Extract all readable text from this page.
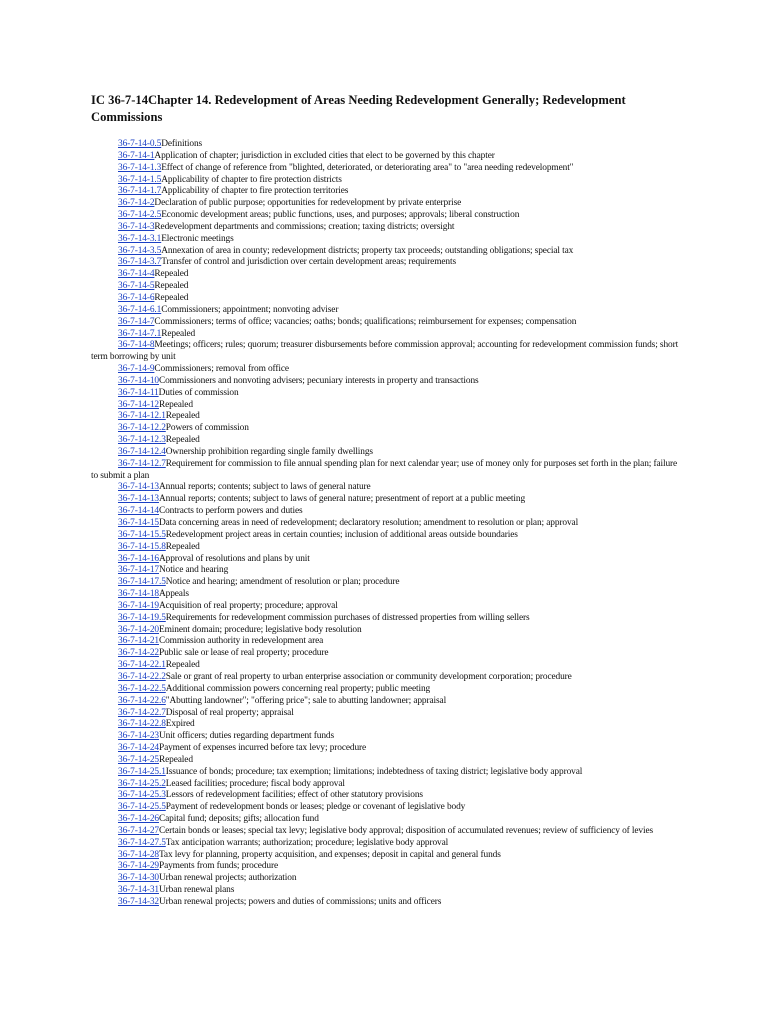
IC 36-7-14Chapter 14. Redevelopment of Areas Needing Redevelopment Generally; Redevelopment Commissions
36-7-14-0.5Definitions
36-7-14-1Application of chapter; jurisdiction in excluded cities that elect to be governed by this chapter
36-7-14-1.3Effect of change of reference from "blighted, deteriorated, or deteriorating area" to "area needing redevelopment"
36-7-14-1.5Applicability of chapter to fire protection districts
36-7-14-1.7Applicability of chapter to fire protection territories
36-7-14-2Declaration of public purpose; opportunities for redevelopment by private enterprise
36-7-14-2.5Economic development areas; public functions, uses, and purposes; approvals; liberal construction
36-7-14-3Redevelopment departments and commissions; creation; taxing districts; oversight
36-7-14-3.1Electronic meetings
36-7-14-3.5Annexation of area in county; redevelopment districts; property tax proceeds; outstanding obligations; special tax
36-7-14-3.7Transfer of control and jurisdiction over certain development areas; requirements
36-7-14-4Repealed
36-7-14-5Repealed
36-7-14-6Repealed
36-7-14-6.1Commissioners; appointment; nonvoting adviser
36-7-14-7Commissioners; terms of office; vacancies; oaths; bonds; qualifications; reimbursement for expenses; compensation
36-7-14-7.1Repealed
36-7-14-8Meetings; officers; rules; quorum; treasurer disbursements before commission approval; accounting for redevelopment commission funds; short term borrowing by unit
36-7-14-9Commissioners; removal from office
36-7-14-10Commissioners and nonvoting advisers; pecuniary interests in property and transactions
36-7-14-11Duties of commission
36-7-14-12Repealed
36-7-14-12.1Repealed
36-7-14-12.2Powers of commission
36-7-14-12.3Repealed
36-7-14-12.4Ownership prohibition regarding single family dwellings
36-7-14-12.7Requirement for commission to file annual spending plan for next calendar year; use of money only for purposes set forth in the plan; failure to submit a plan
36-7-14-13Annual reports; contents; subject to laws of general nature
36-7-14-13Annual reports; contents; subject to laws of general nature; presentment of report at a public meeting
36-7-14-14Contracts to perform powers and duties
36-7-14-15Data concerning areas in need of redevelopment; declaratory resolution; amendment to resolution or plan; approval
36-7-14-15.5Redevelopment project areas in certain counties; inclusion of additional areas outside boundaries
36-7-14-15.8Repealed
36-7-14-16Approval of resolutions and plans by unit
36-7-14-17Notice and hearing
36-7-14-17.5Notice and hearing; amendment of resolution or plan; procedure
36-7-14-18Appeals
36-7-14-19Acquisition of real property; procedure; approval
36-7-14-19.5Requirements for redevelopment commission purchases of distressed properties from willing sellers
36-7-14-20Eminent domain; procedure; legislative body resolution
36-7-14-21Commission authority in redevelopment area
36-7-14-22Public sale or lease of real property; procedure
36-7-14-22.1Repealed
36-7-14-22.2Sale or grant of real property to urban enterprise association or community development corporation; procedure
36-7-14-22.5Additional commission powers concerning real property; public meeting
36-7-14-22.6"Abutting landowner"; "offering price"; sale to abutting landowner; appraisal
36-7-14-22.7Disposal of real property; appraisal
36-7-14-22.8Expired
36-7-14-23Unit officers; duties regarding department funds
36-7-14-24Payment of expenses incurred before tax levy; procedure
36-7-14-25Repealed
36-7-14-25.1Issuance of bonds; procedure; tax exemption; limitations; indebtedness of taxing district; legislative body approval
36-7-14-25.2Leased facilities; procedure; fiscal body approval
36-7-14-25.3Lessors of redevelopment facilities; effect of other statutory provisions
36-7-14-25.5Payment of redevelopment bonds or leases; pledge or covenant of legislative body
36-7-14-26Capital fund; deposits; gifts; allocation fund
36-7-14-27Certain bonds or leases; special tax levy; legislative body approval; disposition of accumulated revenues; review of sufficiency of levies
36-7-14-27.5Tax anticipation warrants; authorization; procedure; legislative body approval
36-7-14-28Tax levy for planning, property acquisition, and expenses; deposit in capital and general funds
36-7-14-29Payments from funds; procedure
36-7-14-30Urban renewal projects; authorization
36-7-14-31Urban renewal plans
36-7-14-32Urban renewal projects; powers and duties of commissions; units and officers
